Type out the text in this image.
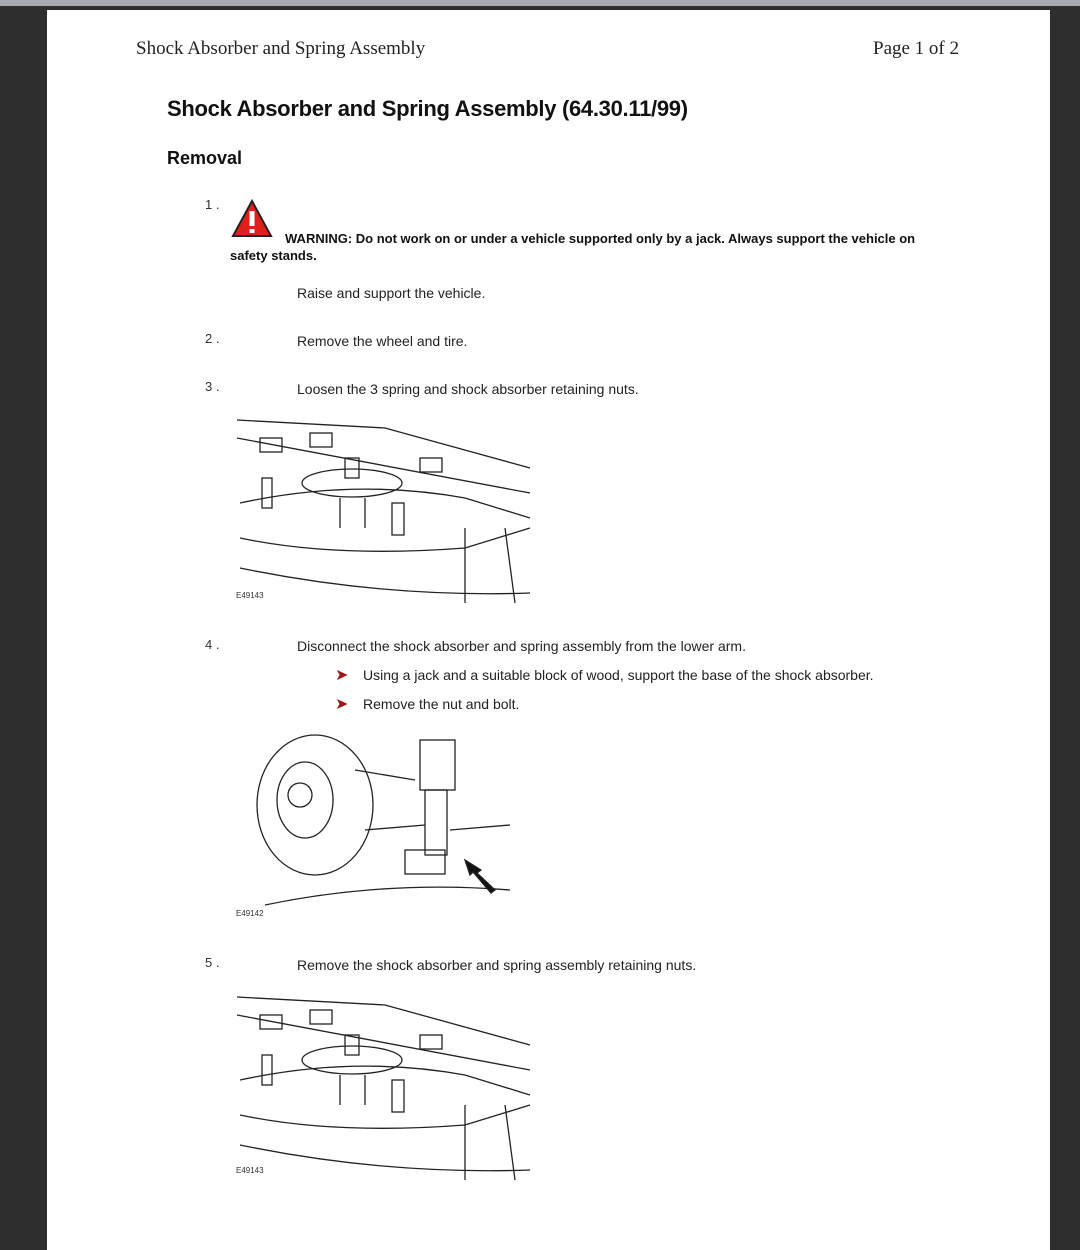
Shock Absorber and Spring Assembly	Page 1 of 2
Shock Absorber and Spring Assembly (64.30.11/99)
Removal
1 .
WARNING: Do not work on or under a vehicle supported only by a jack. Always support the vehicle on safety stands.
Raise and support the vehicle.
2 .	Remove the wheel and tire.
3 .	Loosen the 3 spring and shock absorber retaining nuts.
E49143
4 .	Disconnect the shock absorber and spring assembly from the lower arm.
➤ Using a jack and a suitable block of wood, support the base of the shock absorber.
➤ Remove the nut and bolt.
E49142
5 .	Remove the shock absorber and spring assembly retaining nuts.
E49143
